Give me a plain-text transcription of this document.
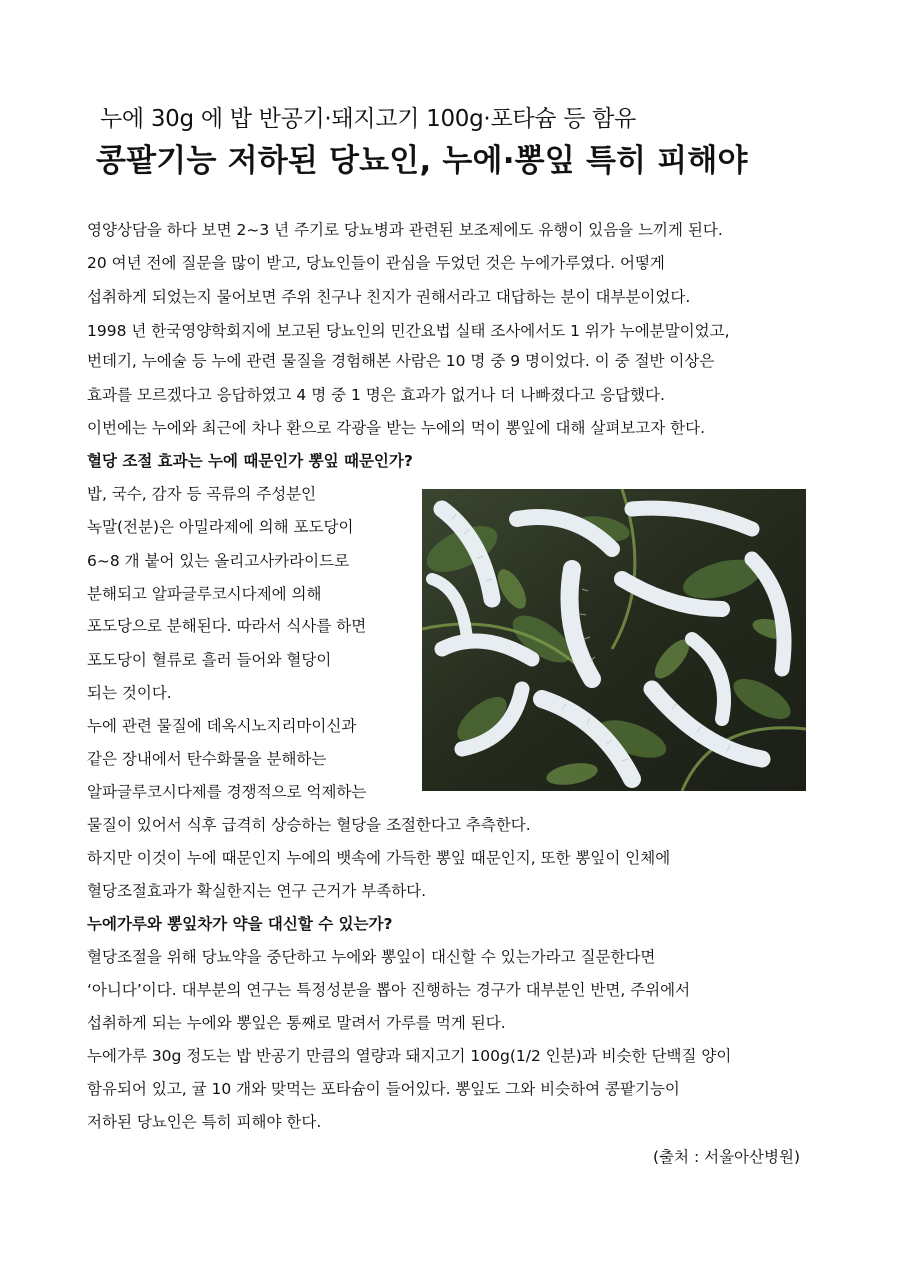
누에 30g 에 밥 반공기·돼지고기 100g·포타슘 등 함유
콩팥기능 저하된 당뇨인, 누에·뽕잎 특히 피해야
영양상담을 하다 보면 2~3 년 주기로 당뇨병과 관련된 보조제에도 유행이 있음을 느끼게 된다.
20 여년 전에 질문을 많이 받고, 당뇨인들이 관심을 두었던 것은 누에가루였다. 어떻게
섭취하게 되었는지 물어보면 주위 친구나 친지가 권해서라고 대답하는 분이 대부분이었다.
1998 년 한국영양학회지에 보고된 당뇨인의 민간요법 실태 조사에서도 1 위가 누에분말이었고,
번데기, 누에술 등 누에 관련 물질을 경험해본 사람은 10 명 중 9 명이었다. 이 중 절반 이상은
효과를 모르겠다고 응답하였고 4 명 중 1 명은 효과가 없거나 더 나빠졌다고 응답했다.
이번에는 누에와 최근에 차나 환으로 각광을 받는 누에의 먹이 뽕잎에 대해 살펴보고자 한다.
혈당 조절 효과는 누에 때문인가 뽕잎 때문인가?
밥, 국수, 감자 등 곡류의 주성분인
녹말(전분)은 아밀라제에 의해 포도당이
6~8 개 붙어 있는 올리고사카라이드로
분해되고 알파글루코시다제에 의해
포도당으로 분해된다. 따라서 식사를 하면
포도당이 혈류로 흘러 들어와 혈당이
되는 것이다.
누에 관련 물질에 데옥시노지리마이신과
같은 장내에서 탄수화물을 분해하는
알파글루코시다제를 경쟁적으로 억제하는
물질이 있어서 식후 급격히 상승하는 혈당을 조절한다고 추측한다.
하지만 이것이 누에 때문인지 누에의 뱃속에 가득한 뽕잎 때문인지, 또한 뽕잎이 인체에
혈당조절효과가 확실한지는 연구 근거가 부족하다.
누에가루와 뽕잎차가 약을 대신할 수 있는가?
혈당조절을 위해 당뇨약을 중단하고 누에와 뽕잎이 대신할 수 있는가라고 질문한다면
‘아니다’이다. 대부분의 연구는 특정성분을 뽑아 진행하는 경구가 대부분인 반면, 주위에서
섭취하게 되는 누에와 뽕잎은 통째로 말려서 가루를 먹게 된다.
누에가루 30g 정도는 밥 반공기 만큼의 열량과 돼지고기 100g(1/2 인분)과 비슷한 단백질 양이
함유되어 있고, 귤 10 개와 맞먹는 포타슘이 들어있다. 뽕잎도 그와 비슷하여 콩팥기능이
저하된 당뇨인은 특히 피해야 한다.
(출처 : 서울아산병원)
